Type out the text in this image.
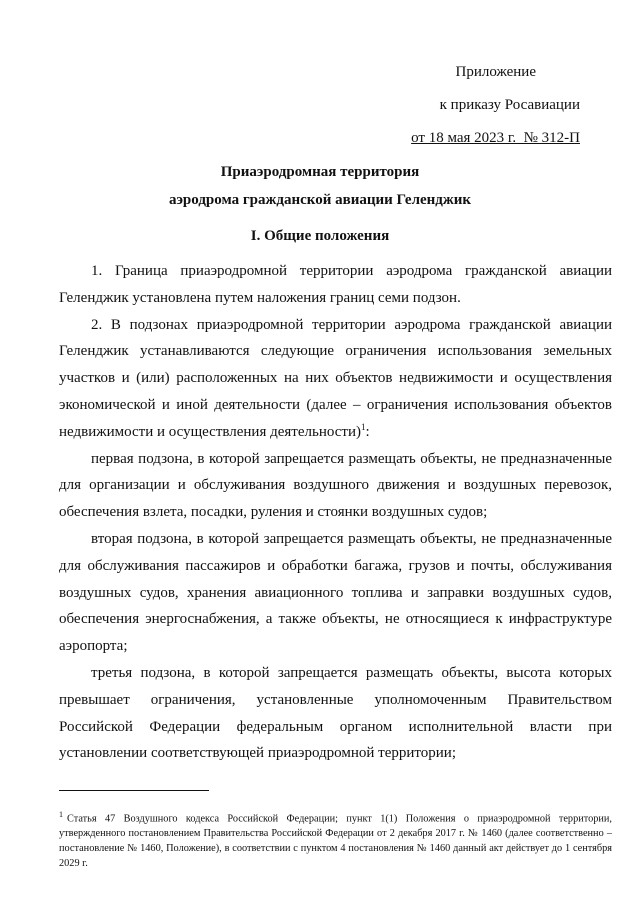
Приложение
к приказу Росавиации
от 18 мая 2023 г.  № 312-П
Приаэродромная территория
аэродрома гражданской авиации Геленджик
I. Общие положения

1. Граница приаэродромной территории аэродрома гражданской авиации Геленджик установлена путем наложения границ семи подзон.

2. В подзонах приаэродромной территории аэродрома гражданской авиации Геленджик устанавливаются следующие ограничения использования земельных участков и (или) расположенных на них объектов недвижимости и осуществления экономической и иной деятельности (далее – ограничения использования объектов недвижимости и осуществления деятельности)$^1$:

первая подзона, в которой запрещается размещать объекты, не предназначенные для организации и обслуживания воздушного движения и воздушных перевозок, обеспечения взлета, посадки, руления и стоянки воздушных судов;

вторая подзона, в которой запрещается размещать объекты, не предназначенные для обслуживания пассажиров и обработки багажа, грузов и почты, обслуживания воздушных судов, хранения авиационного топлива и заправки воздушных судов, обеспечения энергоснабжения, а также объекты, не относящиеся к инфраструктуре аэропорта;

третья подзона, в которой запрещается размещать объекты, высота которых превышает ограничения, установленные уполномоченным Правительством Российской Федерации федеральным органом исполнительной власти при установлении соответствующей приаэродромной территории;

$^1$ Статья 47 Воздушного кодекса Российской Федерации; пункт 1(1) Положения о приаэродромной территории, утвержденного постановлением Правительства Российской Федерации от 2 декабря 2017 г. № 1460 (далее соответственно – постановление № 1460, Положение), в соответствии с пунктом 4 постановления № 1460 данный акт действует до 1 сентября 2029 г.
